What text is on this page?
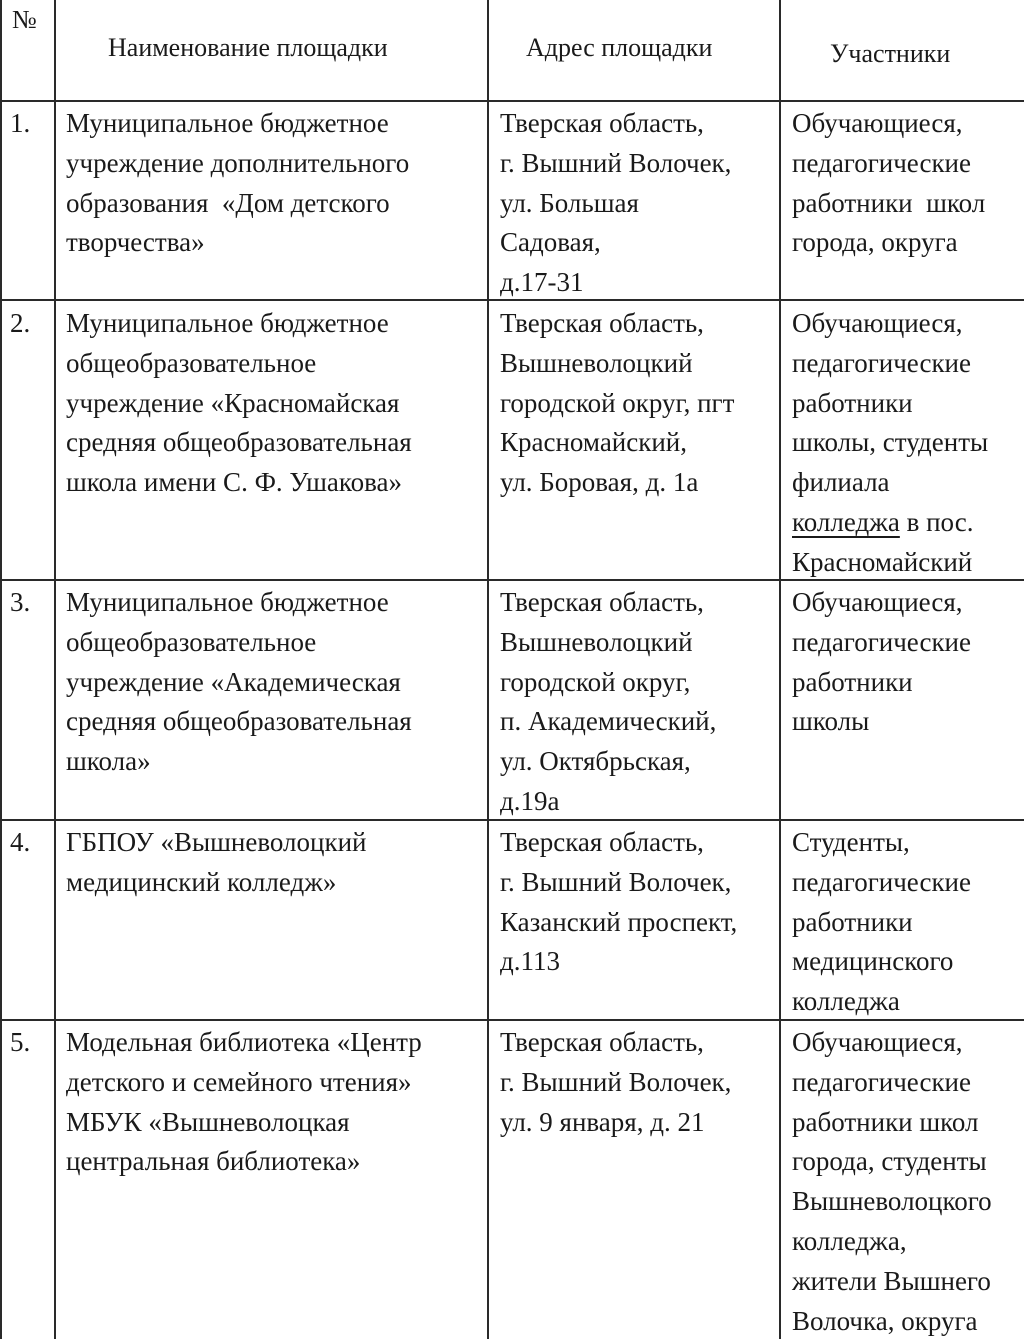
№
Наименование площадки	Адрес площадки	Участники
1. Муниципальное бюджетное
учреждение дополнительного
образования  «Дом детского
творчества»
Тверская область,
г. Вышний Волочек,
ул. Большая
Садовая,
д.17-31
Обучающиеся,
педагогические
работники  школ
города, округа
2. Муниципальное бюджетное
общеобразовательное
учреждение «Красномайская
средняя общеобразовательная
школа имени С. Ф. Ушакова»
Тверская область,
Вышневолоцкий
городской округ, пгт
Красномайский,
ул. Боровая, д. 1а
Обучающиеся,
педагогические
работники
школы, студенты
филиала
колледжа в пос.
Красномайский
3. Муниципальное бюджетное
общеобразовательное
учреждение «Академическая
средняя общеобразовательная
школа»
Тверская область,
Вышневолоцкий
городской округ,
п. Академический,
ул. Октябрьская,
д.19а
Обучающиеся,
педагогические
работники
школы
4. ГБПОУ «Вышневолоцкий
медицинский колледж»
Тверская область,
г. Вышний Волочек,
Казанский проспект,
д.113
Студенты,
педагогические
работники
медицинского
колледжа
5. Модельная библиотека «Центр
детского и семейного чтения»
МБУК «Вышневолоцкая
центральная библиотека»
Тверская область,
г. Вышний Волочек,
ул. 9 января, д. 21
Обучающиеся,
педагогические
работники школ
города, студенты
Вышневолоцкого
колледжа,
жители Вышнего
Волочка, округа
